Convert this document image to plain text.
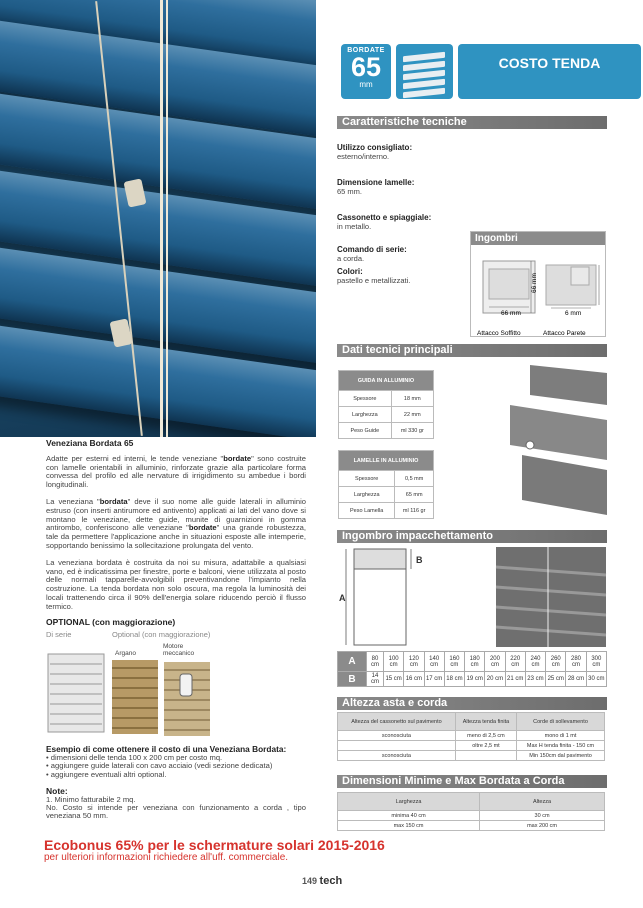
BORDATE
65
mm
COSTO TENDA
Caratteristiche tecniche
Utilizzo consigliato:
esterno/interno.
Dimensione lamelle:
65 mm.
Cassonetto e spiaggiale:
in metallo.
Comando di serie:
a corda.
Colori:
pastello e metallizzati.
Ingombri
66 mm
66 mm	6 mm
Attacco Soffitto	Attacco Parete
Dati tecnici principali
GUIDA IN ALLUMINIO	
Spessore	18 mm
Larghezza	22 mm
Peso Guide	ml 330 gr
LAMELLE IN ALLUMINIO	
Spessore	0,5 mm
Larghezza	65 mm
Peso Lamella	ml 116 gr
Ingombro impacchettamento
A
B
A	80 cm	100 cm	120 cm	140 cm	160 cm	180 cm	200 cm	220 cm	240 cm	260 cm	280 cm	300 cm
B	14 cm	15 cm	16 cm	17 cm	18 cm	19 cm	20 cm	21 cm	23 cm	25 cm	28 cm	30 cm
Altezza asta e corda
Altezza del cassonetto sul pavimento	Altezza tenda finita	Corde di sollevamento
sconosciuta	meno di 2,5 cm	mono di 1 mt
	oltre 2,5 mt	Max H tenda finita - 150 cm
sconosciuta		Min 150cm dal pavimento
Dimensioni Minime e Max Bordata a Corda
Larghezza	Altezza
minima 40 cm	30 cm
max 150 cm	max 200 cm
Veneziana Bordata 65

Adatte per esterni ed interni, le tende veneziane "bordate" sono costruite con lamelle orientabili in alluminio, rinforzate grazie alla particolare forma convessa del profilo ed alle nervature di irrigidimento su ambedue i bordi longitudinali.

La veneziana "bordata" deve il suo nome alle guide laterali in alluminio estruso (con inserti antirumore ed antivento) applicati ai lati del vano dove si montano le veneziane, dette guide, munite di guarnizioni in gomma antirombo, conferiscono alle veneziane "bordate" una grande robustezza, tale da permettere l'applicazione anche in situazioni esposte alle intemperie, sopportando benissimo la sollecitazione prolungata del vento.

La veneziana bordata è costruita da noi su misura, adattabile a qualsiasi vano, ed è indicatissima per finestre, porte e balconi, viene utilizzata al posto delle normali tapparelle-avvolgibili preventivandone l'impianto nella costruzione. La tenda bordata non solo oscura, ma regola la luminosità dei locali trattenendo circa il 90% dell'energia solare riducendo perciò il flusso termico.

OPTIONAL (con maggiorazione)
Di serie	Optional (con maggiorazione)
Argano
Motore meccanico
Esempio di come ottenere il costo di una Veneziana Bordata:
• dimensioni delle tenda 100 x 200 cm per costo mq.
• aggiungere guide laterali con cavo acciaio (vedi sezione dedicata)
• aggiungere eventuali altri optional.
Note:
1. Minimo fatturabile 2 mq.
No. Costo si intende per veneziana con funzionamento a corda , tipo veneziana 50 mm.
Ecobonus 65% per le schermature solari 2015-2016
per ulteriori informazioni richiedere all'uff. commerciale.
149 tech
